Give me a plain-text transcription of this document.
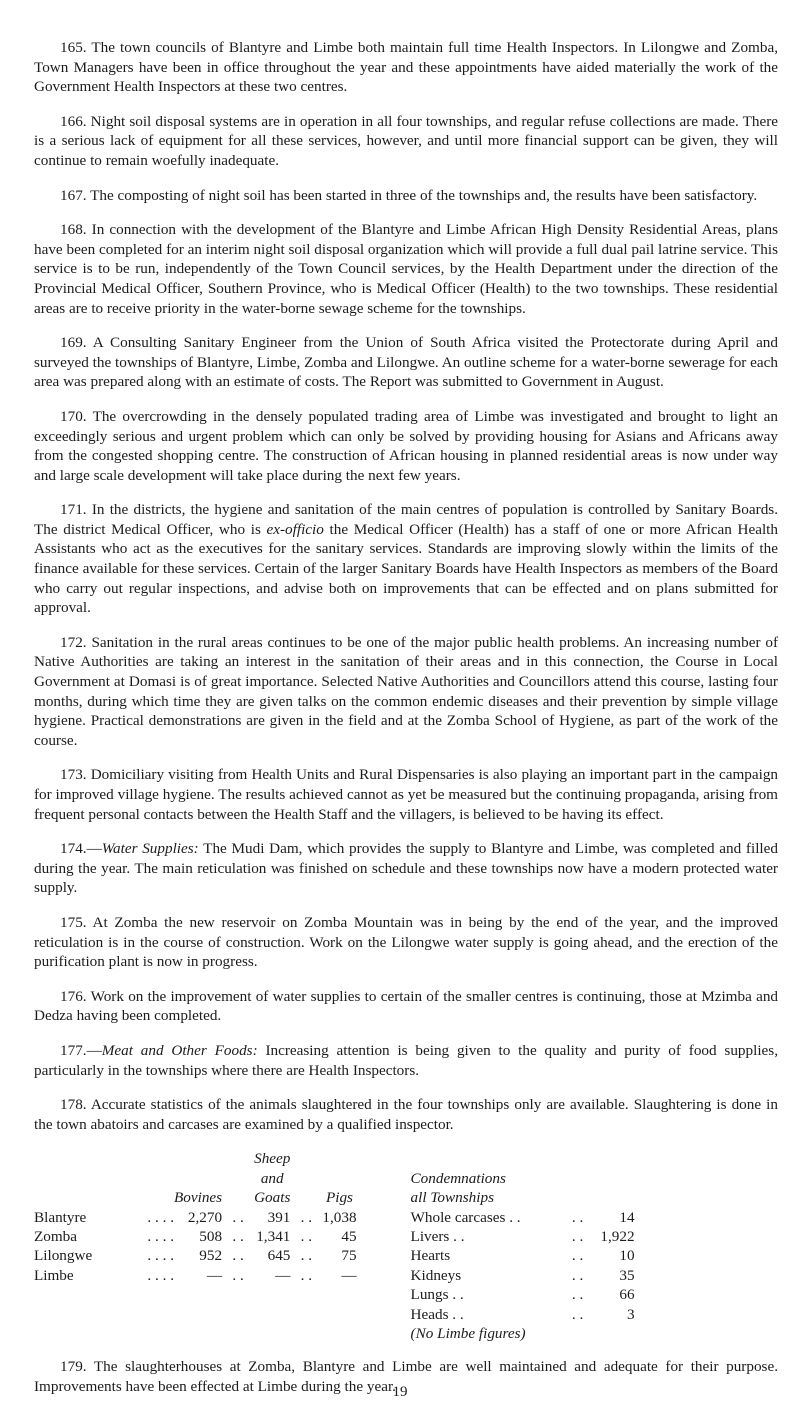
165. The town councils of Blantyre and Limbe both maintain full time Health Inspectors. In Lilongwe and Zomba, Town Managers have been in office throughout the year and these appointments have aided materially the work of the Government Health Inspectors at these two centres.

166. Night soil disposal systems are in operation in all four townships, and regular refuse collections are made. There is a serious lack of equipment for all these services, however, and until more financial support can be given, they will continue to remain woefully inadequate.

167. The composting of night soil has been started in three of the townships and, the results have been satisfactory.

168. In connection with the development of the Blantyre and Limbe African High Density Residential Areas, plans have been completed for an interim night soil disposal organization which will provide a full dual pail latrine service. This service is to be run, independently of the Town Council services, by the Health Department under the direction of the Provincial Medical Officer, Southern Province, who is Medical Officer (Health) to the two townships. These residential areas are to receive priority in the water-borne sewage scheme for the townships.

169. A Consulting Sanitary Engineer from the Union of South Africa visited the Protectorate during April and surveyed the townships of Blantyre, Limbe, Zomba and Lilongwe. An outline scheme for a water-borne sewerage for each area was prepared along with an estimate of costs. The Report was submitted to Government in August.

170. The overcrowding in the densely populated trading area of Limbe was investigated and brought to light an exceedingly serious and urgent problem which can only be solved by providing housing for Asians and Africans away from the congested shopping centre. The construction of African housing in planned residential areas is now under way and large scale development will take place during the next few years.

171. In the districts, the hygiene and sanitation of the main centres of population is controlled by Sanitary Boards. The district Medical Officer, who is ex-officio the Medical Officer (Health) has a staff of one or more African Health Assistants who act as the executives for the sanitary services. Standards are improving slowly within the limits of the finance available for these services. Certain of the larger Sanitary Boards have Health Inspectors as members of the Board who carry out regular inspections, and advise both on improvements that can be effected and on plans submitted for approval.

172. Sanitation in the rural areas continues to be one of the major public health problems. An increasing number of Native Authorities are taking an interest in the sanitation of their areas and in this connection, the Course in Local Government at Domasi is of great importance. Selected Native Authorities and Councillors attend this course, lasting four months, during which time they are given talks on the common endemic diseases and their prevention by simple village hygiene. Practical demonstrations are given in the field and at the Zomba School of Hygiene, as part of the work of the course.

173. Domiciliary visiting from Health Units and Rural Dispensaries is also playing an important part in the campaign for improved village hygiene. The results achieved cannot as yet be measured but the continuing propaganda, arising from frequent personal contacts between the Health Staff and the villagers, is believed to be having its effect.

174.—Water Supplies: The Mudi Dam, which provides the supply to Blantyre and Limbe, was completed and filled during the year. The main reticulation was finished on schedule and these townships now have a modern protected water supply.

175. At Zomba the new reservoir on Zomba Mountain was in being by the end of the year, and the improved reticulation is in the course of construction. Work on the Lilongwe water supply is going ahead, and the erection of the purification plant is now in progress.

176. Work on the improvement of water supplies to certain of the smaller centres is continuing, those at Mzimba and Dedza having been completed.

177.—Meat and Other Foods: Increasing attention is being given to the quality and purity of food supplies, particularly in the townships where there are Health Inspectors.

178. Accurate statistics of the animals slaughtered in the four townships only are available. Slaughtering is done in the town abatoirs and carcases are examined by a qualified inspector.

		Bovines		Sheep
and
Goats		Pigs		Condemnations
all Townships		
Blantyre	. . . .	2,270	. .	391	. .	1,038		Whole carcases . .	. .	14
Zomba	. . . .	508	. .	1,341	. .	45		Livers . .	. .	1,922
Lilongwe	. . . .	952	. .	645	. .	75		Hearts	. .	10
Limbe	. . . .	—	. .	—	. .	—		Kidneys	. .	35
								Lungs . .	. .	66
								Heads . .	. .	3
								(No Limbe figures)		

179. The slaughterhouses at Zomba, Blantyre and Limbe are well maintained and adequate for their purpose. Improvements have been effected at Limbe during the year.

19
